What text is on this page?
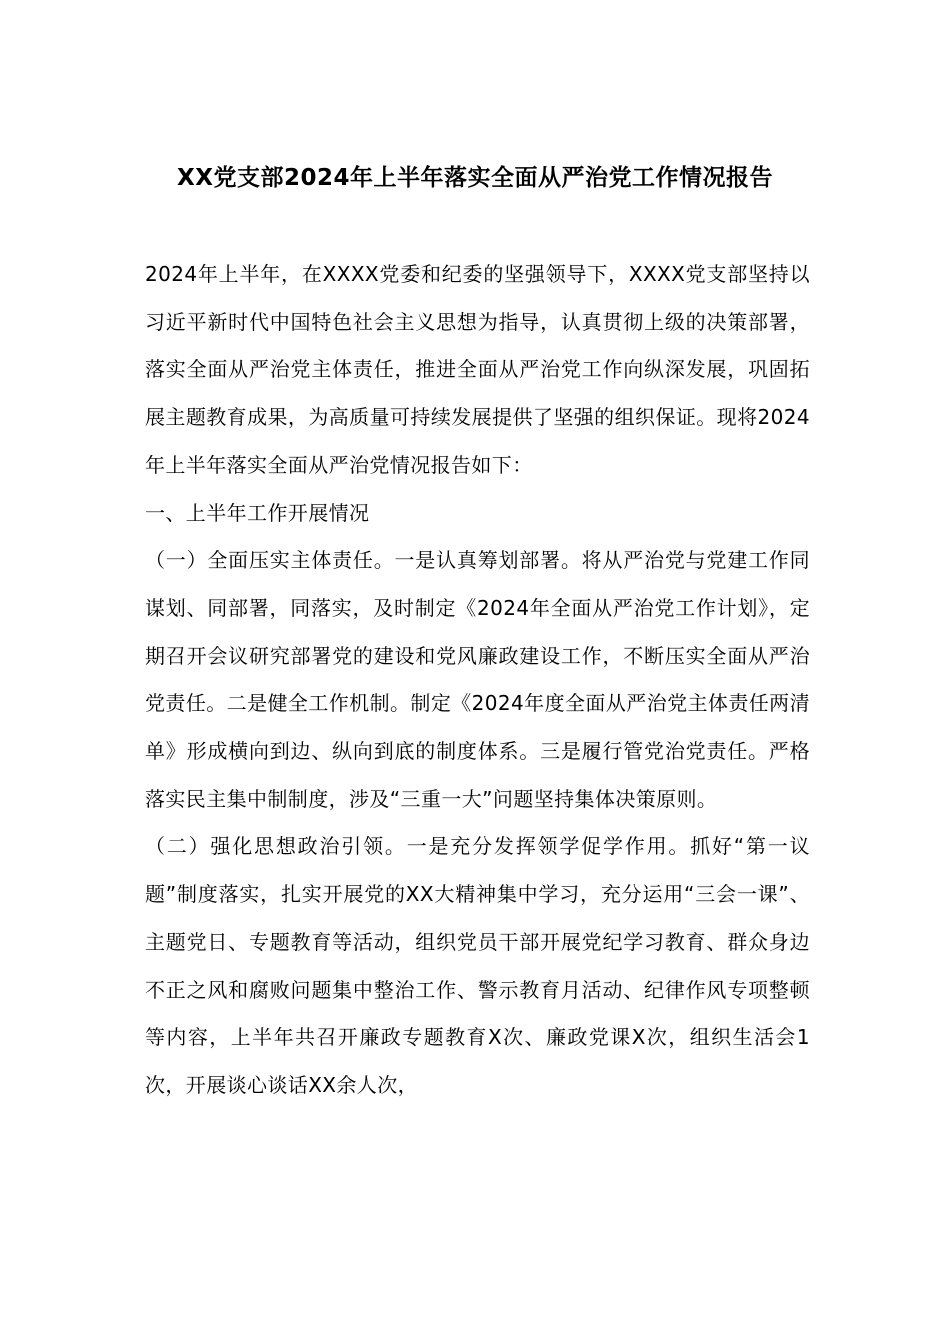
XX党支部2024年上半年落实全面从严治党工作情况报告

2024年上半年，在XXXX党委和纪委的坚强领导下，XXXX党支部坚持以习近平新时代中国特色社会主义思想为指导，认真贯彻上级的决策部署，落实全面从严治党主体责任，推进全面从严治党工作向纵深发展，巩固拓展主题教育成果，为高质量可持续发展提供了坚强的组织保证。现将2024年上半年落实全面从严治党情况报告如下：

一、上半年工作开展情况

（一）全面压实主体责任。一是认真筹划部署。将从严治党与党建工作同谋划、同部署，同落实，及时制定《2024年全面从严治党工作计划》，定期召开会议研究部署党的建设和党风廉政建设工作，不断压实全面从严治党责任。二是健全工作机制。制定《2024年度全面从严治党主体责任两清单》形成横向到边、纵向到底的制度体系。三是履行管党治党责任。严格落实民主集中制制度，涉及“三重一大”问题坚持集体决策原则。

（二）强化思想政治引领。一是充分发挥领学促学作用。抓好“第一议题”制度落实，扎实开展党的XX大精神集中学习，充分运用“三会一课”、主题党日、专题教育等活动，组织党员干部开展党纪学习教育、群众身边不正之风和腐败问题集中整治工作、警示教育月活动、纪律作风专项整顿等内容，上半年共召开廉政专题教育X次、廉政党课X次，组织生活会1次，开展谈心谈话XX余人次，
